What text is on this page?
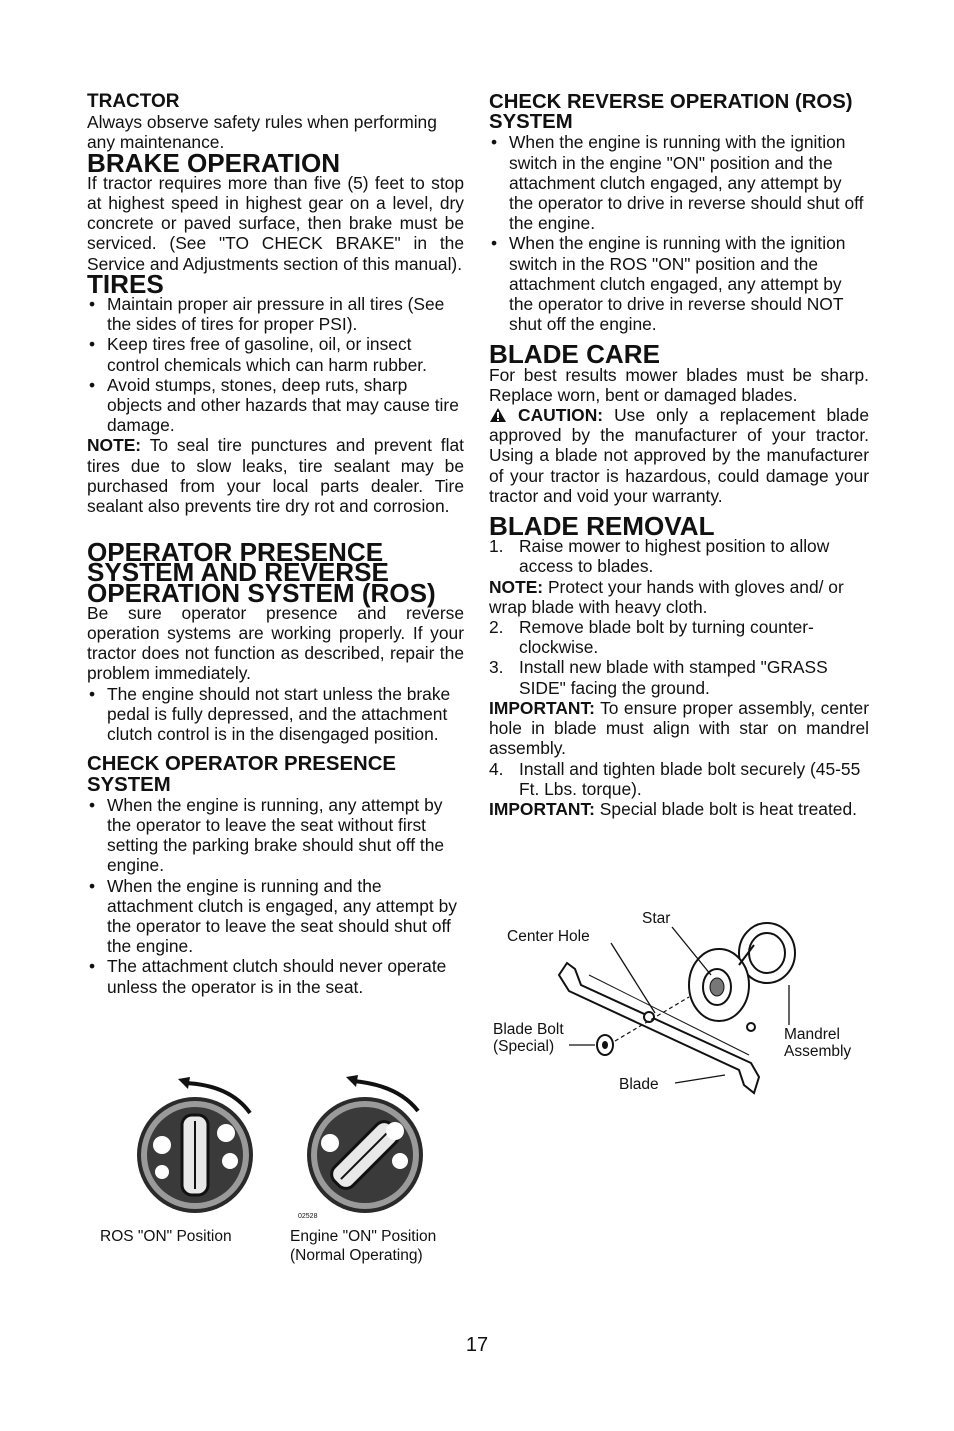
TRACTOR

Always observe safety rules when performing any maintenance.

BRAKE OPERATION

If tractor requires more than five (5) feet to stop at highest speed in highest gear on a level, dry concrete or paved surface, then brake must be serviced. (See "TO CHECK BRAKE" in the Service and Adjustments section of this manual).

TIRES
• Maintain proper air pressure in all tires (See the sides of tires for proper PSI).
• Keep tires free of gasoline, oil, or insect control chemicals which can harm rubber.
• Avoid stumps, stones, deep ruts, sharp objects and other hazards that may cause tire damage.

NOTE: To seal tire punctures and prevent flat tires due to slow leaks, tire sealant may be purchased from your local parts dealer. Tire sealant also prevents tire dry rot and corrosion.

OPERATOR PRESENCE SYSTEM AND REVERSE OPERATION SYSTEM (ROS)

Be sure operator presence and reverse operation systems are working properly. If your tractor does not function as described, repair the problem immediately.

• The engine should not start unless the brake pedal is fully depressed, and the attachment clutch control is in the disengaged position.
CHECK OPERATOR PRESENCE SYSTEM
• When the engine is running, any attempt by the operator to leave the seat without first setting the parking brake should shut off the engine.
• When the engine is running and the attachment clutch is engaged, any attempt by the operator to leave the seat should shut off the engine.
• The attachment clutch should never operate unless the operator is in the seat.
CHECK REVERSE OPERATION (ROS) SYSTEM
• When the engine is running with the ignition switch in the engine "ON" position and the attachment clutch engaged, any attempt by the operator to drive in reverse should shut off the engine.
• When the engine is running with the ignition switch in the ROS "ON" position and the attachment clutch engaged, any attempt by the operator to drive in reverse should NOT shut off the engine.
BLADE CARE

For best results mower blades must be sharp. Replace worn, bent or damaged blades.

CAUTION: Use only a replacement blade approved by the manufacturer of your tractor. Using a blade not approved by the manufacturer of your tractor is hazardous, could damage your tractor and void your warranty.

BLADE REMOVAL
1. Raise mower to highest position to allow access to blades.

NOTE: Protect your hands with gloves and/ or wrap blade with heavy cloth.

2. Remove blade bolt by turning counter-clockwise.
3. Install new blade with stamped "GRASS SIDE" facing the ground.

IMPORTANT: To ensure proper assembly, center hole in blade must align with star on mandrel assembly.

4. Install and tighten blade bolt securely (45-55 Ft. Lbs. torque).

IMPORTANT: Special blade bolt is heat treated.

02528
ROS "ON" Position	Engine "ON" Position
(Normal Operating)
Star
Center Hole
Blade Bolt
(Special)
Mandrel
Assembly
Blade
17
